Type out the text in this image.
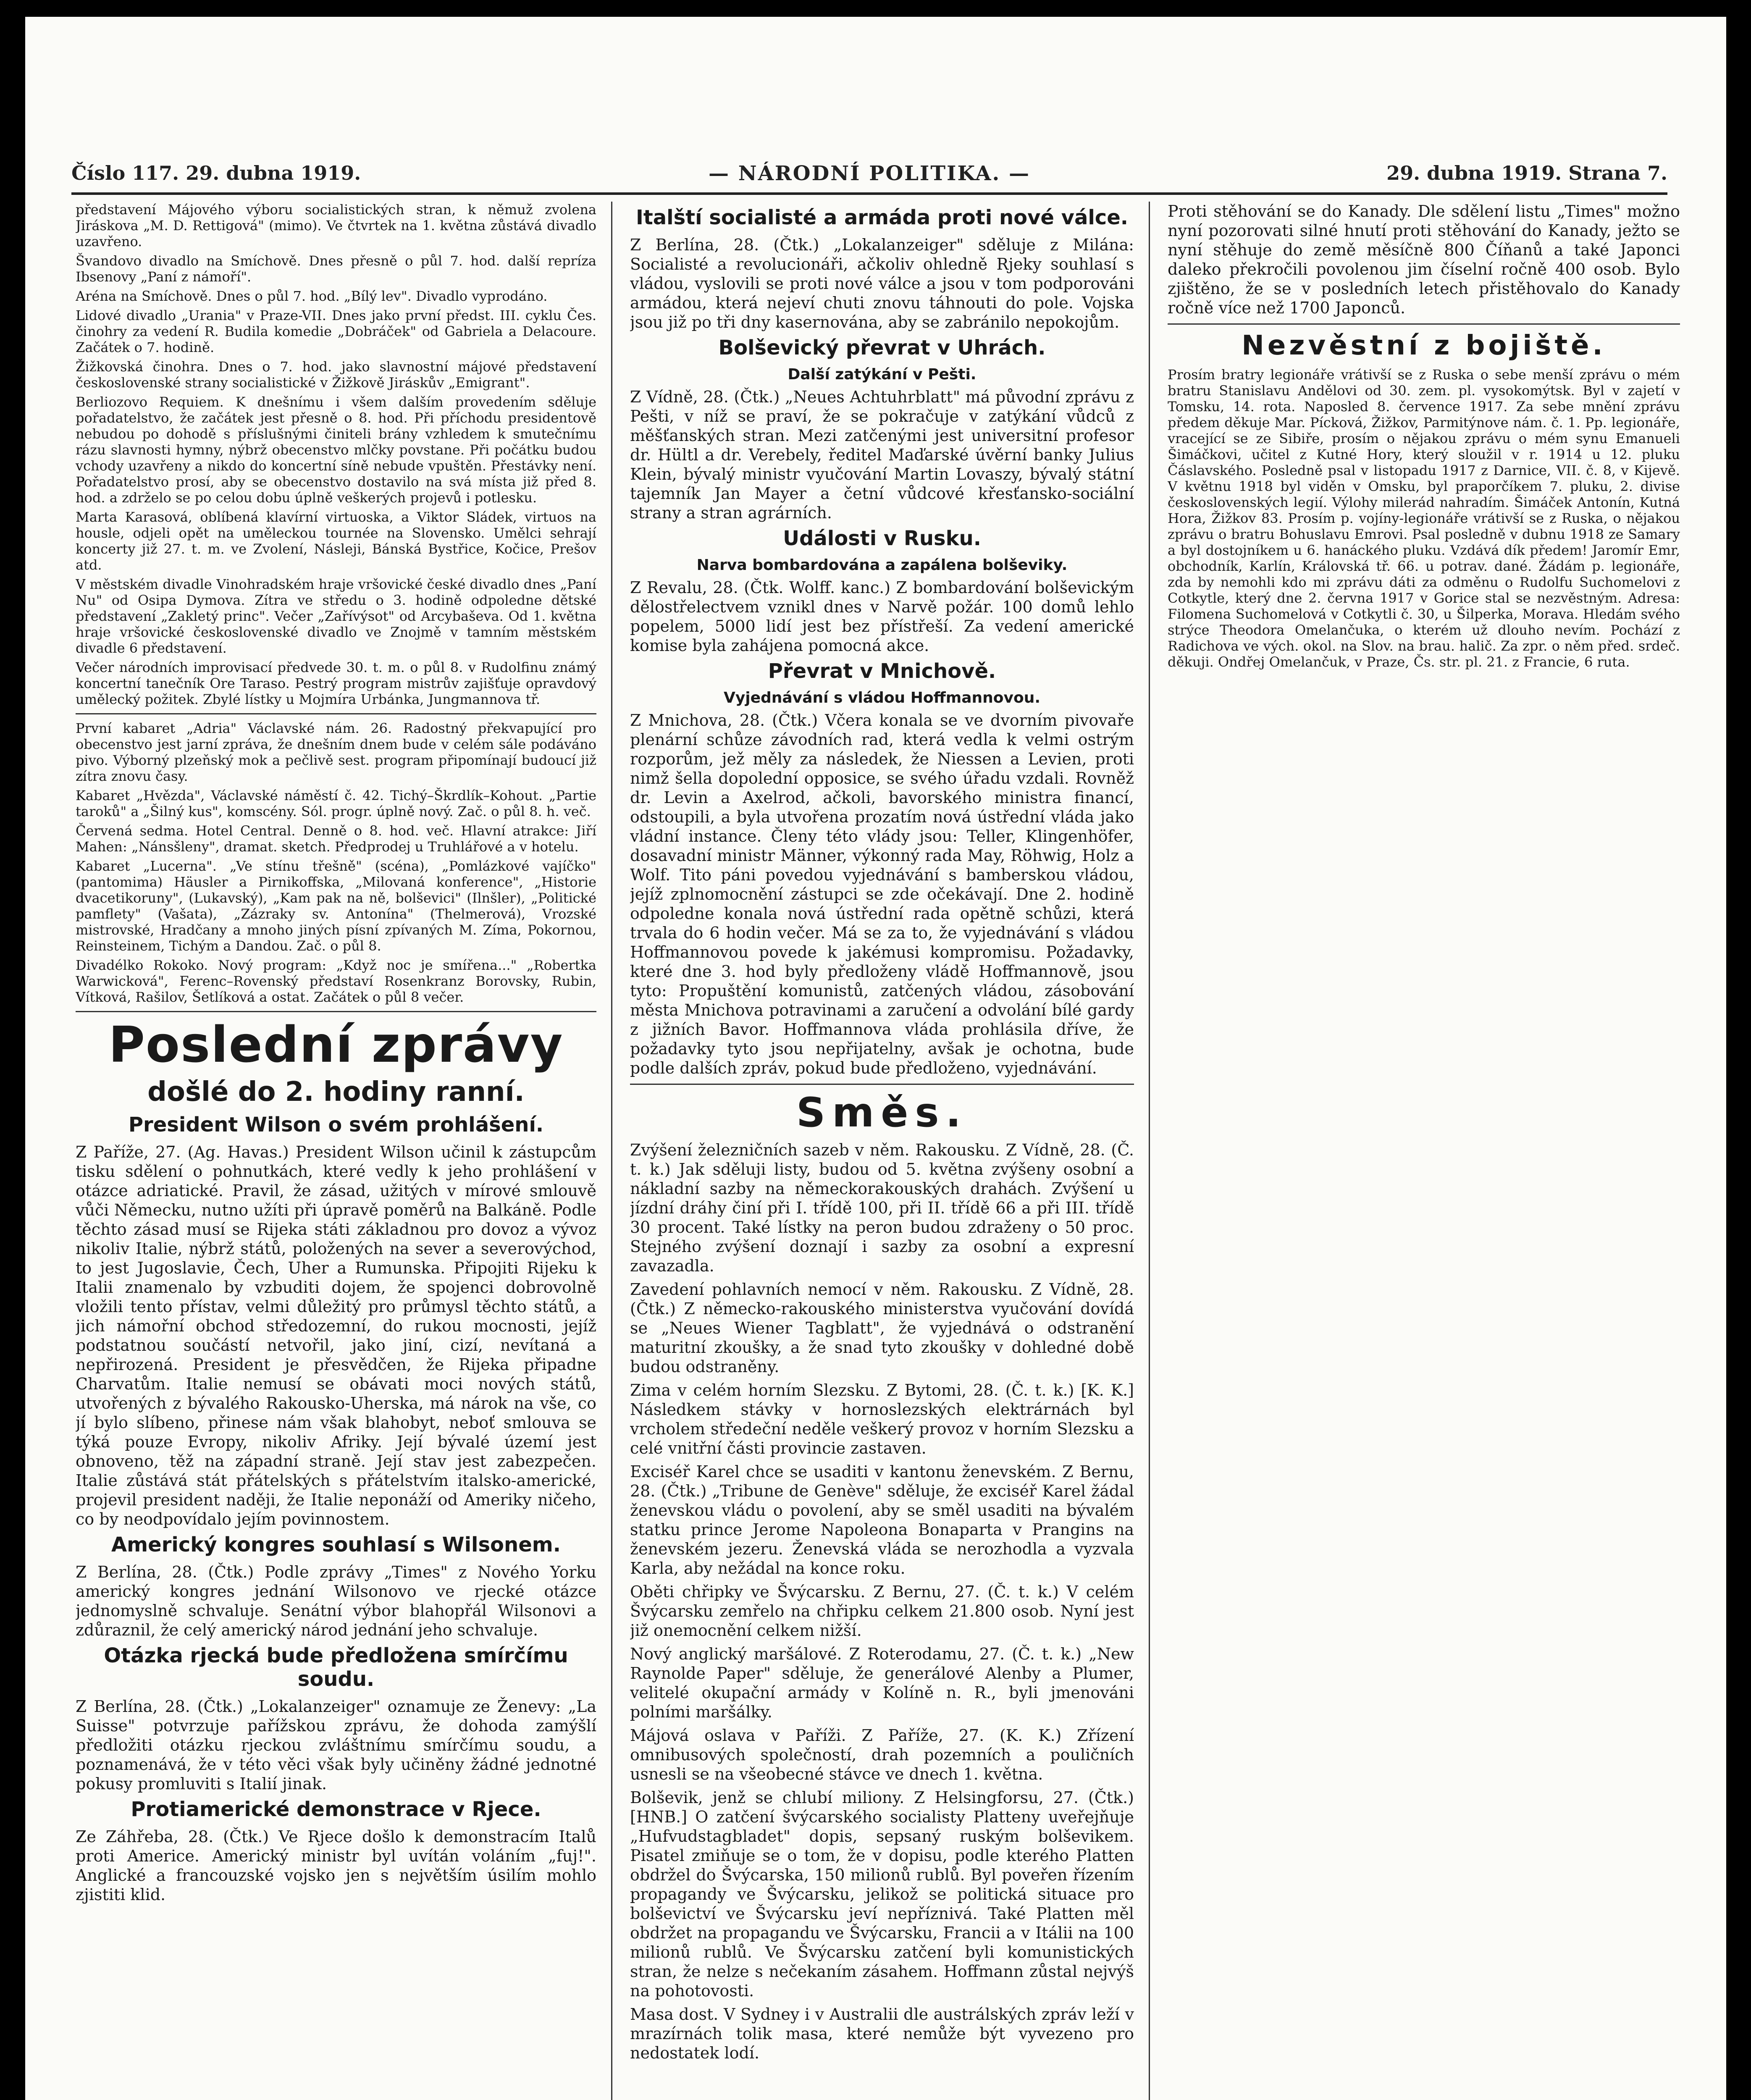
Číslo 117. 29. dubna 1919.	— NÁRODNÍ POLITIKA. —	29. dubna 1919. Strana 7.

představení Májového výboru socialistických stran, k němuž zvolena Jiráskova „M. D. Rettigová" (mimo). Ve čtvrtek na 1. května zůstává divadlo uzavřeno.

Švandovo divadlo na Smíchově. Dnes přesně o půl 7. hod. další repríza Ibsenovy „Paní z námoří".

Aréna na Smíchově. Dnes o půl 7. hod. „Bílý lev". Divadlo vyprodáno.

Lidové divadlo „Urania" v Praze-VII. Dnes jako první předst. III. cyklu Čes. činohry za vedení R. Budila komedie „Dobráček" od Gabriela a Delacoure. Začátek o 7. hodině.

Žižkovská činohra. Dnes o 7. hod. jako slavnostní májové představení československé strany socialistické v Žižkově Jiráskův „Emigrant".

Berliozovo Requiem. K dnešnímu i všem dalším provedením sděluje pořadatelstvo, že začátek jest přesně o 8. hod. Při příchodu presidentově nebudou po dohodě s příslušnými činiteli brány vzhledem k smutečnímu rázu slavnosti hymny, nýbrž obecenstvo mlčky povstane. Při počátku budou vchody uzavřeny a nikdo do koncertní síně nebude vpuštěn. Přestávky není. Pořadatelstvo prosí, aby se obecenstvo dostavilo na svá místa již před 8. hod. a zdrželo se po celou dobu úplně veškerých projevů i potlesku.

Marta Karasová, oblíbená klavírní virtuoska, a Viktor Sládek, virtuos na housle, odjeli opět na uměleckou tournée na Slovensko. Umělci sehrají koncerty již 27. t. m. ve Zvolení, Násleji, Bánská Bystřice, Kočice, Prešov atd.

V městském divadle Vinohradském hraje vršovické české divadlo dnes „Paní Nu" od Osipa Dymova. Zítra ve středu o 3. hodině odpoledne dětské představení „Zakletý princ". Večer „Zařívýsot" od Arcybaševa. Od 1. května hraje vršovické československé divadlo ve Znojmě v tamním městském divadle 6 představení.

Večer národních improvisací předvede 30. t. m. o půl 8. v Rudolfinu známý koncertní tanečník Ore Taraso. Pestrý program mistrův zajišťuje opravdový umělecký požitek. Zbylé lístky u Mojmíra Urbánka, Jungmannova tř.

První kabaret „Adria" Václavské nám. 26. Radostný překvapující pro obecenstvo jest jarní zpráva, že dnešním dnem bude v celém sále podáváno pivo. Výborný plzeňský mok a pečlivě sest. program připomínají budoucí již zítra znovu časy.

Kabaret „Hvězda", Václavské náměstí č. 42. Tichý–Škrdlík–Kohout. „Partie taroků" a „Šilný kus", komscény. Sól. progr. úplně nový. Zač. o půl 8. h. več.

Červená sedma. Hotel Central. Denně o 8. hod. več. Hlavní atrakce: Jiří Mahen: „Nánsšleny", dramat. sketch. Předprodej u Truhlářové a v hotelu.

Kabaret „Lucerna". „Ve stínu třešně" (scéna), „Pomlázkové vajíčko" (pantomima) Häusler a Pirnikoffska, „Milovaná konference", „Historie dvacetikoruny", (Lukavský), „Kam pak na ně, bolševici" (Ilnšler), „Politické pamflety" (Vašata), „Zázraky sv. Antonína" (Thelmerová), Vrozské mistrovské, Hradčany a mnoho jiných písní zpívaných M. Zíma, Pokornou, Reinsteinem, Tichým a Dandou. Zač. o půl 8.

Divadélko Rokoko. Nový program: „Když noc je smířena..." „Robertka Warwicková", Ferenc–Rovenský představí Rosenkranz Borovsky, Rubin, Vítková, Rašilov, Šetlíková a ostat. Začátek o půl 8 večer.

Poslední zprávy
došlé do 2. hodiny ranní.
President Wilson o svém prohlášení.

Z Paříže, 27. (Ag. Havas.) President Wilson učinil k zástupcům tisku sdělení o pohnutkách, které vedly k jeho prohlášení v otázce adriatické. Pravil, že zásad, užitých v mírové smlouvě vůči Německu, nutno užíti při úpravě poměrů na Balkáně. Podle těchto zásad musí se Rijeka státi základnou pro dovoz a vývoz nikoliv Italie, nýbrž států, položených na sever a severovýchod, to jest Jugoslavie, Čech, Uher a Rumunska. Připojiti Rijeku k Italii znamenalo by vzbuditi dojem, že spojenci dobrovolně vložili tento přístav, velmi důležitý pro průmysl těchto států, a jich námořní obchod středozemní, do rukou mocnosti, jejíž podstatnou součástí netvořil, jako jiní, cizí, nevítaná a nepřirozená. President je přesvědčen, že Rijeka připadne Charvatům. Italie nemusí se obávati moci nových států, utvořených z bývalého Rakousko-Uherska, má nárok na vše, co jí bylo slíbeno, přinese nám však blahobyt, neboť smlouva se týká pouze Evropy, nikoliv Afriky. Její bývalé území jest obnoveno, těž na západní straně. Její stav jest zabezpečen. Italie zůstává stát přátelských s přátelstvím italsko-americké, projevil president naději, že Italie neponáží od Ameriky ničeho, co by neodpovídalo jejím povinnostem.

Americký kongres souhlasí s Wilsonem.

Z Berlína, 28. (Čtk.) Podle zprávy „Times" z Nového Yorku americký kongres jednání Wilsonovo ve rjecké otázce jednomyslně schvaluje. Senátní výbor blahopřál Wilsonovi a zdůraznil, že celý americký národ jednání jeho schvaluje.

Otázka rjecká bude předložena smírčímu soudu.

Z Berlína, 28. (Čtk.) „Lokalanzeiger" oznamuje ze Ženevy: „La Suisse" potvrzuje pařížskou zprávu, že dohoda zamýšlí předložiti otázku rjeckou zvláštnímu smírčímu soudu, a poznamenává, že v této věci však byly učiněny žádné jednotné pokusy promluviti s Italií jinak.

Protiamerické demonstrace v Rjece.

Ze Záhřeba, 28. (Čtk.) Ve Rjece došlo k demonstracím Italů proti Americe. Americký ministr byl uvítán voláním „fuj!". Anglické a francouzské vojsko jen s největším úsilím mohlo zjistiti klid.

Italští socialisté a armáda proti nové válce.

Z Berlína, 28. (Čtk.) „Lokalanzeiger" sděluje z Milána: Socialisté a revolucionáři, ačkoliv ohledně Rjeky souhlasí s vládou, vyslovili se proti nové válce a jsou v tom podporováni armádou, která nejeví chuti znovu táhnouti do pole. Vojska jsou již po tři dny kasernována, aby se zabránilo nepokojům.

Bolševický převrat v Uhrách.
Další zatýkání v Pešti.

Z Vídně, 28. (Čtk.) „Neues Achtuhrblatt" má původní zprávu z Pešti, v níž se praví, že se pokračuje v zatýkání vůdců z měšťanských stran. Mezi zatčenými jest universitní profesor dr. Hültl a dr. Verebely, ředitel Maďarské úvěrní banky Julius Klein, bývalý ministr vyučování Martin Lovaszy, bývalý státní tajemník Jan Mayer a četní vůdcové křesťansko-sociální strany a stran agrárních.

Události v Rusku.
Narva bombardována a zapálena bolševiky.

Z Revalu, 28. (Čtk. Wolff. kanc.) Z bombardování bolševickým dělostřelectvem vznikl dnes v Narvě požár. 100 domů lehlo popelem, 5000 lidí jest bez přístřeší. Za vedení americké komise byla zahájena pomocná akce.

Převrat v Mnichově.
Vyjednávání s vládou Hoffmannovou.

Z Mnichova, 28. (Čtk.) Včera konala se ve dvorním pivovaře plenární schůze závodních rad, která vedla k velmi ostrým rozporům, jež měly za následek, že Niessen a Levien, proti nimž šella dopolední opposice, se svého úřadu vzdali. Rovněž dr. Levin a Axelrod, ačkoli, bavorského ministra financí, odstoupili, a byla utvořena prozatím nová ústřední vláda jako vládní instance. Členy této vlády jsou: Teller, Klingenhöfer, dosavadní ministr Männer, výkonný rada May, Röhwig, Holz a Wolf. Tito páni povedou vyjednávání s bamberskou vládou, jejíž zplnomocnění zástupci se zde očekávají. Dne 2. hodině odpoledne konala nová ústřední rada opětně schůzi, která trvala do 6 hodin večer. Má se za to, že vyjednávání s vládou Hoffmannovou povede k jakémusi kompromisu. Požadavky, které dne 3. hod byly předloženy vládě Hoffmannově, jsou tyto: Propuštění komunistů, zatčených vládou, zásobování města Mnichova potravinami a zaručení a odvolání bílé gardy z jižních Bavor. Hoffmannova vláda prohlásila dříve, že požadavky tyto jsou nepřijatelny, avšak je ochotna, bude podle dalších zpráv, pokud bude předloženo, vyjednávání.

Směs.

Zvýšení železničních sazeb v něm. Rakousku. Z Vídně, 28. (Č. t. k.) Jak sděluji listy, budou od 5. května zvýšeny osobní a nákladní sazby na německorakouských drahách. Zvýšení u jízdní dráhy činí při I. třídě 100, při II. třídě 66 a při III. třídě 30 procent. Také lístky na peron budou zdraženy o 50 proc. Stejného zvýšení doznají i sazby za osobní a expresní zavazadla.

Zavedení pohlavních nemocí v něm. Rakousku. Z Vídně, 28. (Čtk.) Z německo-rakouského ministerstva vyučování dovídá se „Neues Wiener Tagblatt", že vyjednává o odstranění maturitní zkoušky, a že snad tyto zkoušky v dohledné době budou odstraněny.

Zima v celém horním Slezsku. Z Bytomi, 28. (Č. t. k.) [K. K.] Následkem stávky v hornoslezských elektrárnách byl vrcholem středeční neděle veškerý provoz v horním Slezsku a celé vnitřní části provincie zastaven.

Exciséř Karel chce se usaditi v kantonu ženevském. Z Bernu, 28. (Čtk.) „Tribune de Genève" sděluje, že exciséř Karel žádal ženevskou vládu o povolení, aby se směl usaditi na bývalém statku prince Jerome Napoleona Bonaparta v Prangins na ženevském jezeru. Ženevská vláda se nerozhodla a vyzvala Karla, aby nežádal na konce roku.

Oběti chřipky ve Švýcarsku. Z Bernu, 27. (Č. t. k.) V celém Švýcarsku zemřelo na chřipku celkem 21.800 osob. Nyní jest již onemocnění celkem nižší.

Nový anglický maršálové. Z Roterodamu, 27. (Č. t. k.) „New Raynolde Paper" sděluje, že generálové Alenby a Plumer, velitelé okupační armády v Kolíně n. R., byli jmenováni polními maršálky.

Májová oslava v Paříži. Z Paříže, 27. (K. K.) Zřízení omnibusových společností, drah pozemních a pouličních usnesli se na všeobecné stávce ve dnech 1. května.

Bolševik, jenž se chlubí miliony. Z Helsingforsu, 27. (Čtk.) [HNB.] O zatčení švýcarského socialisty Platteny uveřejňuje „Hufvudstagbladet" dopis, sepsaný ruským bolševikem. Pisatel zmiňuje se o tom, že v dopisu, podle kterého Platten obdržel do Švýcarska, 150 milionů rublů. Byl poveřen řízením propagandy ve Švýcarsku, jelikož se politická situace pro bolševictví ve Švýcarsku jeví nepříznivá. Také Platten měl obdržet na propagandu ve Švýcarsku, Francii a v Itálii na 100 milionů rublů. Ve Švýcarsku zatčení byli komunistických stran, že nelze s nečekaním zásahem. Hoffmann zůstal nejvýš na pohotovosti.

Masa dost. V Sydney i v Australii dle austrálských zpráv leží v mrazírnách tolik masa, které nemůže být vyvezeno pro nedostatek lodí.

Proti stěhování se do Kanady. Dle sdělení listu „Times" možno nyní pozorovati silné hnutí proti stěhování do Kanady, ježto se nyní stěhuje do země měsíčně 800 Číňanů a také Japonci daleko překročili povolenou jim číselní ročně 400 osob. Bylo zjištěno, že se v posledních letech přistěhovalo do Kanady ročně více než 1700 Japonců.

Nezvěstní z bojiště.

Prosím bratry legionáře vrátivší se z Ruska o sebe menší zprávu o mém bratru Stanislavu Andělovi od 30. zem. pl. vysokomýtsk. Byl v zajetí v Tomsku, 14. rota. Naposled 8. července 1917. Za sebe mnění zprávu předem děkuje Mar. Pícková, Žižkov, Parmitýnove nám. č. 1. Pp. legionáře, vracející se ze Sibiře, prosím o nějakou zprávu o mém synu Emanueli Šimáčkovi, učitel z Kutné Hory, který sloužil v r. 1914 u 12. pluku Čáslavského. Posledně psal v listopadu 1917 z Darnice, VII. č. 8, v Kijevě. V květnu 1918 byl viděn v Omsku, byl praporčíkem 7. pluku, 2. divise československých legií. Výlohy milerád nahradím. Šimáček Antonín, Kutná Hora, Žižkov 83. Prosím p. vojíny-legionáře vrátivší se z Ruska, o nějakou zprávu o bratru Bohuslavu Emrovi. Psal posledně v dubnu 1918 ze Samary a byl dostojníkem u 6. hanáckého pluku. Vzdává dík předem! Jaromír Emr, obchodník, Karlín, Královská tř. 66. u potrav. dané. Žádám p. legionáře, zda by nemohli kdo mi zprávu dáti za odměnu o Rudolfu Suchomelovi z Cotkytle, který dne 2. června 1917 v Gorice stal se nezvěstným. Adresa: Filomena Suchomelová v Cotkytli č. 30, u Šilperka, Morava. Hledám svého strýce Theodora Omelančuka, o kterém už dlouho nevím. Pochází z Radichova ve vých. okol. na Slov. na brau. halič. Za zpr. o něm před. srdeč. děkuji. Ondřej Omelančuk, v Praze, Čs. str. pl. 21. z Francie, 6 ruta.
